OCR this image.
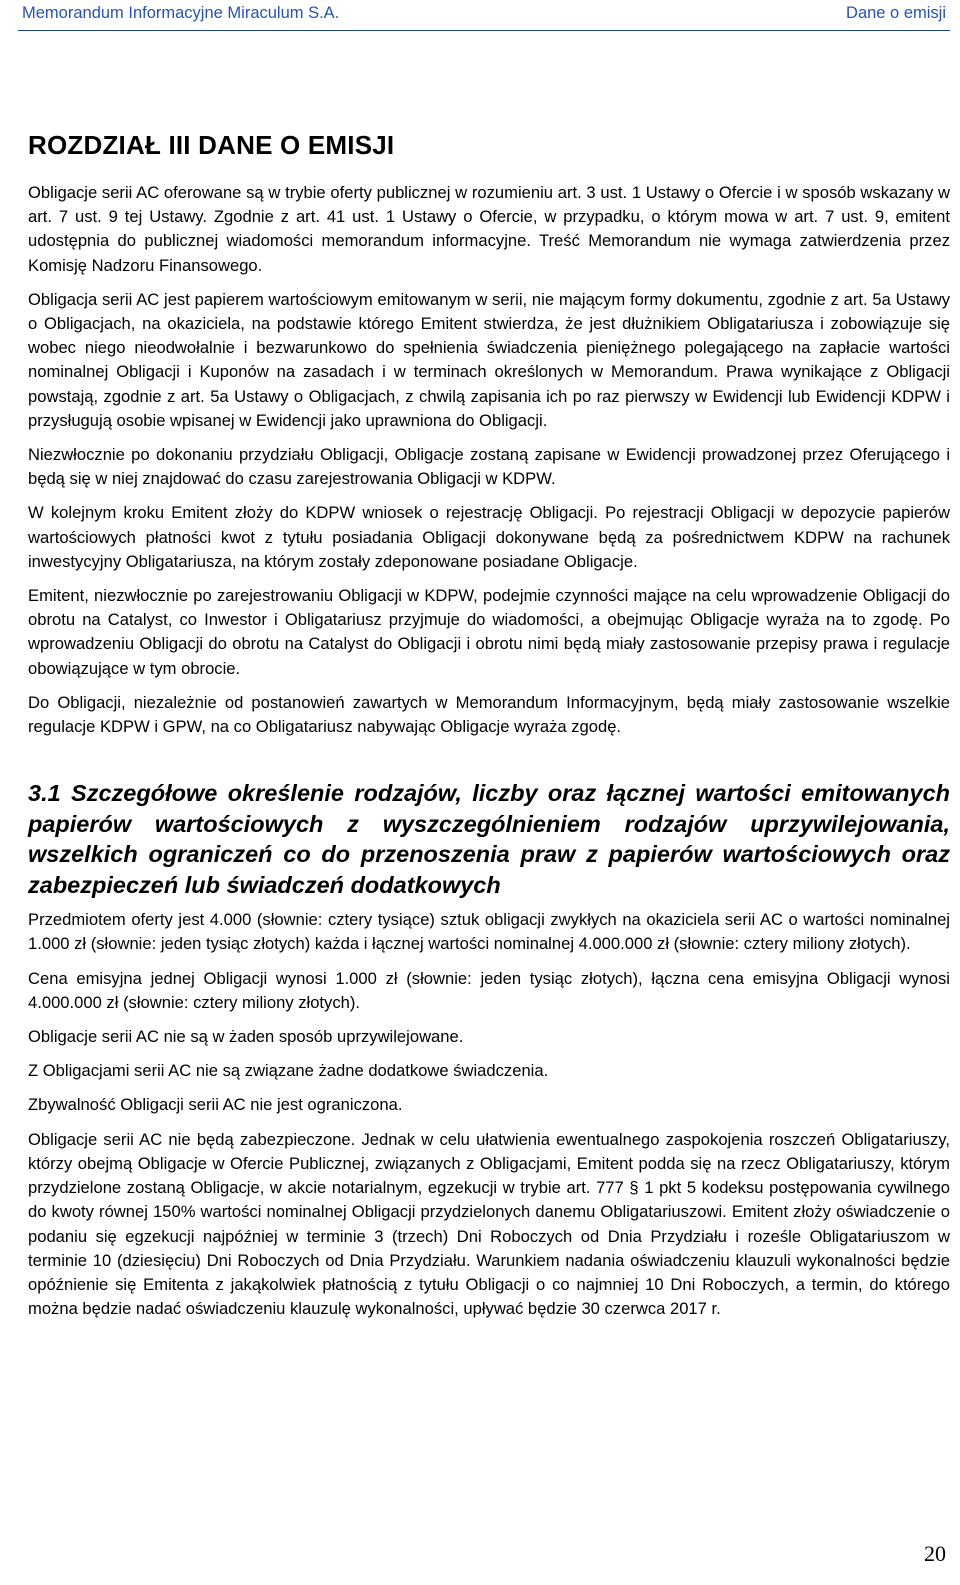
Memorandum Informacyjne Miraculum S.A.	Dane o emisji
ROZDZIAŁ III DANE O EMISJI

Obligacje serii AC oferowane są w trybie oferty publicznej w rozumieniu art. 3 ust. 1 Ustawy o Ofercie i w sposób wskazany w art. 7 ust. 9 tej Ustawy. Zgodnie z art. 41 ust. 1 Ustawy o Ofercie, w przypadku, o którym mowa w art. 7 ust. 9, emitent udostępnia do publicznej wiadomości memorandum informacyjne. Treść Memorandum nie wymaga zatwierdzenia przez Komisję Nadzoru Finansowego.

Obligacja serii AC jest papierem wartościowym emitowanym w serii, nie mającym formy dokumentu, zgodnie z art. 5a Ustawy o Obligacjach, na okaziciela, na podstawie którego Emitent stwierdza, że jest dłużnikiem Obligatariusza i zobowiązuje się wobec niego nieodwołalnie i bezwarunkowo do spełnienia świadczenia pieniężnego polegającego na zapłacie wartości nominalnej Obligacji i Kuponów na zasadach i w terminach określonych w Memorandum. Prawa wynikające z Obligacji powstają, zgodnie z art. 5a Ustawy o Obligacjach, z chwilą zapisania ich po raz pierwszy w Ewidencji lub Ewidencji KDPW i przysługują osobie wpisanej w Ewidencji jako uprawniona do Obligacji.

Niezwłocznie po dokonaniu przydziału Obligacji, Obligacje zostaną zapisane w Ewidencji prowadzonej przez Oferującego i będą się w niej znajdować do czasu zarejestrowania Obligacji w KDPW.

W kolejnym kroku Emitent złoży do KDPW wniosek o rejestrację Obligacji. Po rejestracji Obligacji w depozycie papierów wartościowych płatności kwot z tytułu posiadania Obligacji dokonywane będą za pośrednictwem KDPW na rachunek inwestycyjny Obligatariusza, na którym zostały zdeponowane posiadane Obligacje.

Emitent, niezwłocznie po zarejestrowaniu Obligacji w KDPW, podejmie czynności mające na celu wprowadzenie Obligacji do obrotu na Catalyst, co Inwestor i Obligatariusz przyjmuje do wiadomości, a obejmując Obligacje wyraża na to zgodę. Po wprowadzeniu Obligacji do obrotu na Catalyst do Obligacji i obrotu nimi będą miały zastosowanie przepisy prawa i regulacje obowiązujące w tym obrocie.

Do Obligacji, niezależnie od postanowień zawartych w Memorandum Informacyjnym, będą miały zastosowanie wszelkie regulacje KDPW i GPW, na co Obligatariusz nabywając Obligacje wyraża zgodę.

3.1 Szczegółowe określenie rodzajów, liczby oraz łącznej wartości emitowanych papierów wartościowych z wyszczególnieniem rodzajów uprzywilejowania, wszelkich ograniczeń co do przenoszenia praw z papierów wartościowych oraz zabezpieczeń lub świadczeń dodatkowych

Przedmiotem oferty jest 4.000 (słownie: cztery tysiące) sztuk obligacji zwykłych na okaziciela serii AC o wartości nominalnej 1.000 zł (słownie: jeden tysiąc złotych) każda i łącznej wartości nominalnej 4.000.000 zł (słownie: cztery miliony złotych).

Cena emisyjna jednej Obligacji wynosi 1.000 zł (słownie: jeden tysiąc złotych), łączna cena emisyjna Obligacji wynosi 4.000.000 zł (słownie: cztery miliony złotych).

Obligacje serii AC nie są w żaden sposób uprzywilejowane.

Z Obligacjami serii AC nie są związane żadne dodatkowe świadczenia.

Zbywalność Obligacji serii AC nie jest ograniczona.

Obligacje serii AC nie będą zabezpieczone. Jednak w celu ułatwienia ewentualnego zaspokojenia roszczeń Obligatariuszy, którzy obejmą Obligacje w Ofercie Publicznej, związanych z Obligacjami, Emitent podda się na rzecz Obligatariuszy, którym przydzielone zostaną Obligacje, w akcie notarialnym, egzekucji w trybie art. 777 § 1 pkt 5 kodeksu postępowania cywilnego do kwoty równej 150% wartości nominalnej Obligacji przydzielonych danemu Obligatariuszowi. Emitent złoży oświadczenie o podaniu się egzekucji najpóźniej w terminie 3 (trzech) Dni Roboczych od Dnia Przydziału i roześle Obligatariuszom w terminie 10 (dziesięciu) Dni Roboczych od Dnia Przydziału. Warunkiem nadania oświadczeniu klauzuli wykonalności będzie opóźnienie się Emitenta z jakąkolwiek płatnością z tytułu Obligacji o co najmniej 10 Dni Roboczych, a termin, do którego można będzie nadać oświadczeniu klauzulę wykonalności, upływać będzie 30 czerwca 2017 r.

20
